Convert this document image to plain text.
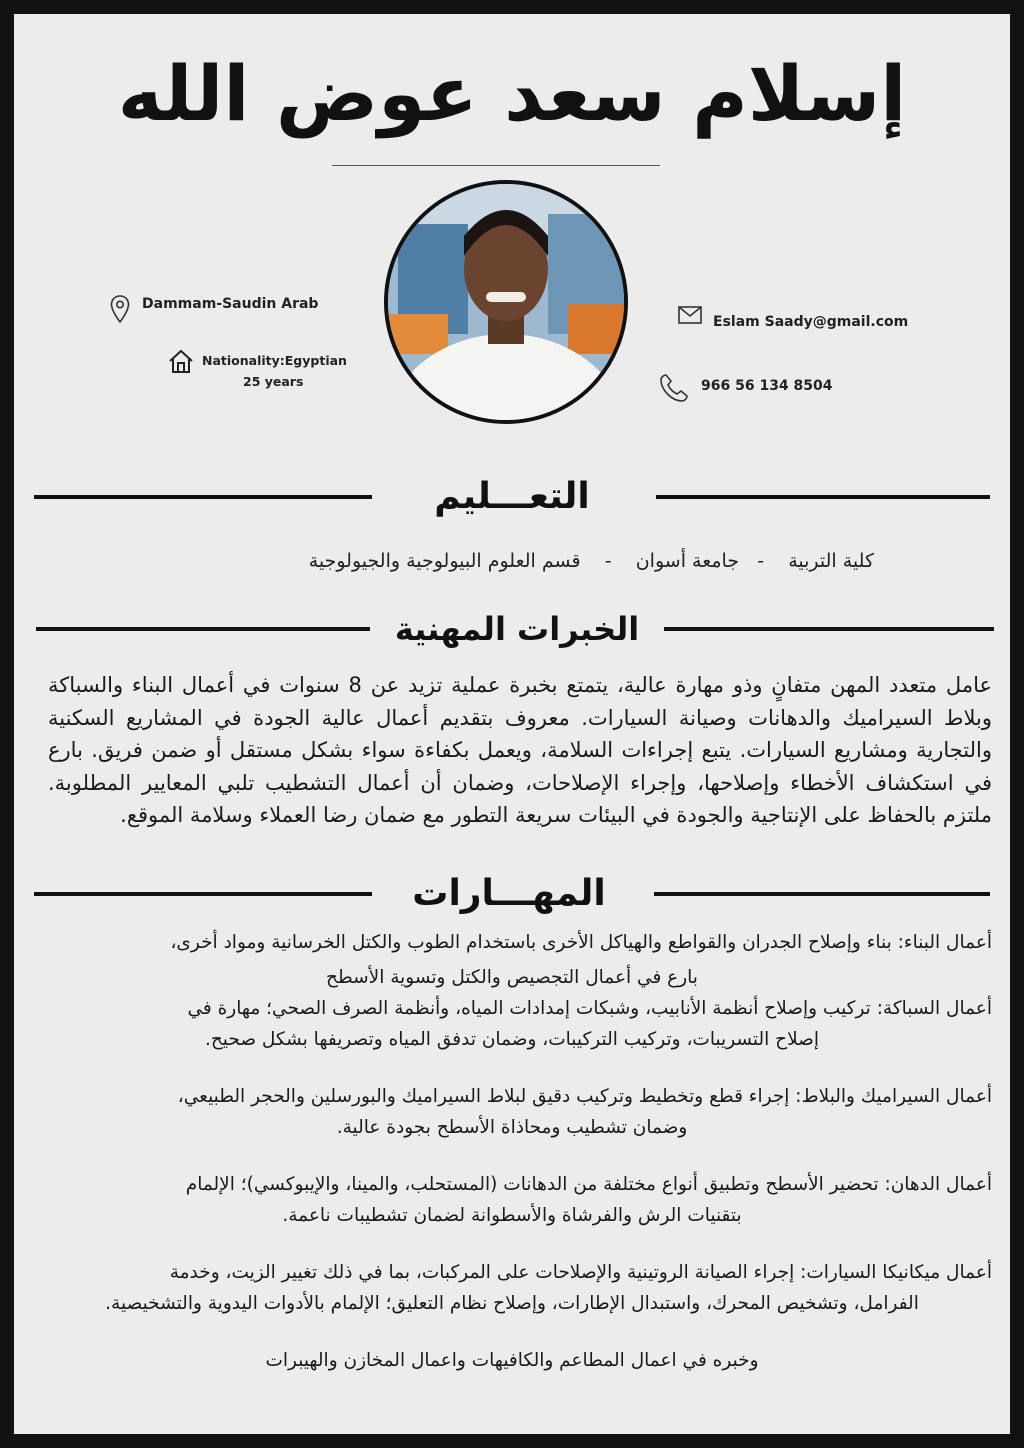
إسلام سعد عوض الله
Dammam-Saudin Arab
Nationality:Egyptian
25 years
Eslam Saady@gmail.com
966 56 134 8504
التعـــليم
كلية التربية    -   جامعة أسوان    -    قسم العلوم البيولوجية والجيولوجية
الخبرات المهنية
عامل متعدد المهن متفانٍ وذو مهارة عالية، يتمتع بخبرة عملية تزيد عن 8 سنوات في أعمال البناء والسباكة وبلاط السيراميك والدهانات وصيانة السيارات. معروف بتقديم أعمال عالية الجودة في المشاريع السكنية والتجارية ومشاريع السيارات. يتبع إجراءات السلامة، ويعمل بكفاءة سواء بشكل مستقل أو ضمن فريق. بارع في استكشاف الأخطاء وإصلاحها، وإجراء الإصلاحات، وضمان أن أعمال التشطيب تلبي المعايير المطلوبة. ملتزم بالحفاظ على الإنتاجية والجودة في البيئات سريعة التطور مع ضمان رضا العملاء وسلامة الموقع.
المهـــارات
أعمال البناء: بناء وإصلاح الجدران والقواطع والهياكل الأخرى باستخدام الطوب والكتل الخرسانية ومواد أخرى،
بارع في أعمال التجصيص والكتل وتسوية الأسطح
أعمال السباكة: تركيب وإصلاح أنظمة الأنابيب، وشبكات إمدادات المياه، وأنظمة الصرف الصحي؛ مهارة في
إصلاح التسريبات، وتركيب التركيبات، وضمان تدفق المياه وتصريفها بشكل صحيح.
أعمال السيراميك والبلاط: إجراء قطع وتخطيط وتركيب دقيق لبلاط السيراميك والبورسلين والحجر الطبيعي،
وضمان تشطيب ومحاذاة الأسطح بجودة عالية.
أعمال الدهان: تحضير الأسطح وتطبيق أنواع مختلفة من الدهانات (المستحلب، والمينا، والإيبوكسي)؛ الإلمام
بتقنيات الرش والفرشاة والأسطوانة لضمان تشطيبات ناعمة.
أعمال ميكانيكا السيارات: إجراء الصيانة الروتينية والإصلاحات على المركبات، بما في ذلك تغيير الزيت، وخدمة
الفرامل، وتشخيص المحرك، واستبدال الإطارات، وإصلاح نظام التعليق؛ الإلمام بالأدوات اليدوية والتشخيصية.
وخبره في اعمال المطاعم والكافيهات واعمال المخازن والهيبرات
